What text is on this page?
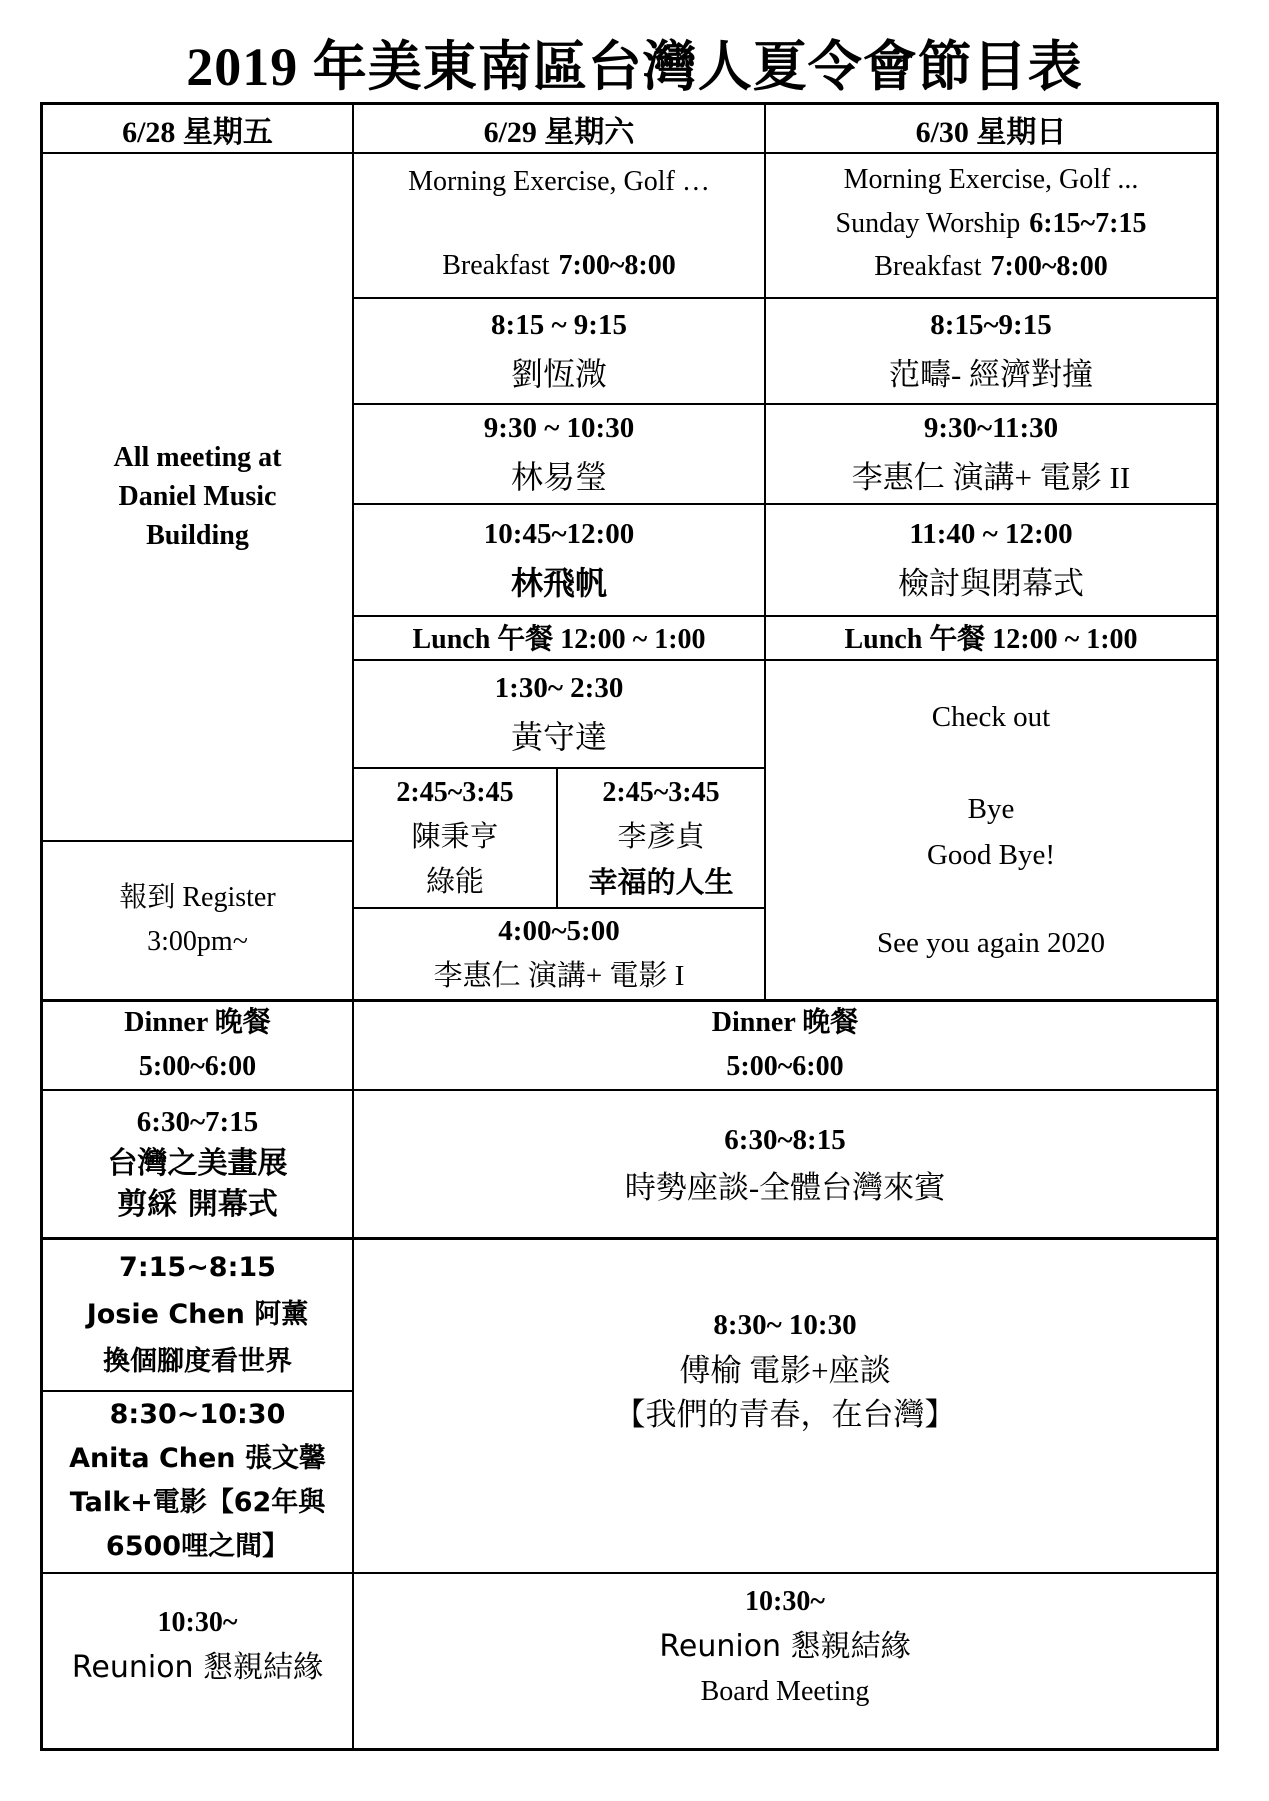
2019 年美東南區台灣人夏令會節目表
6/28 星期五	6/29 星期六	6/30 星期日
All meeting at
Daniel Music
Building
報到 Register
3:00pm~
Dinner 晚餐
5:00~6:00
6:30~7:15
台灣之美畫展
剪綵 開幕式
7:15~8:15
Josie Chen 阿薰
換個腳度看世界
8:30~10:30
Anita Chen 張文馨
Talk+電影【62年與
6500哩之間】
10:30~
Reunion 懇親結緣
Morning Exercise, Golf …
Breakfast 7:00~8:00
8:15 ~ 9:15
劉恆溦
9:30 ~ 10:30
林易瑩
10:45~12:00
林飛帆
Lunch 午餐 12:00 ~ 1:00
1:30~ 2:30
黃守達
2:45~3:45
陳秉亨
綠能
2:45~3:45
李彥貞
幸福的人生
4:00~5:00
李惠仁 演講+ 電影 I
Morning Exercise, Golf ...
Sunday Worship 6:15~7:15
Breakfast 7:00~8:00
8:15~9:15
范疇- 經濟對撞
9:30~11:30
李惠仁 演講+ 電影 II
11:40 ~ 12:00
檢討與閉幕式
Lunch 午餐 12:00 ~ 1:00
Check out
Bye
Good Bye!
See you again 2020
Dinner 晚餐
5:00~6:00
6:30~8:15
時勢座談-全體台灣來賓
8:30~ 10:30
傅榆 電影+座談
【我們的青春，在台灣】
10:30~
Reunion 懇親結緣
Board Meeting
